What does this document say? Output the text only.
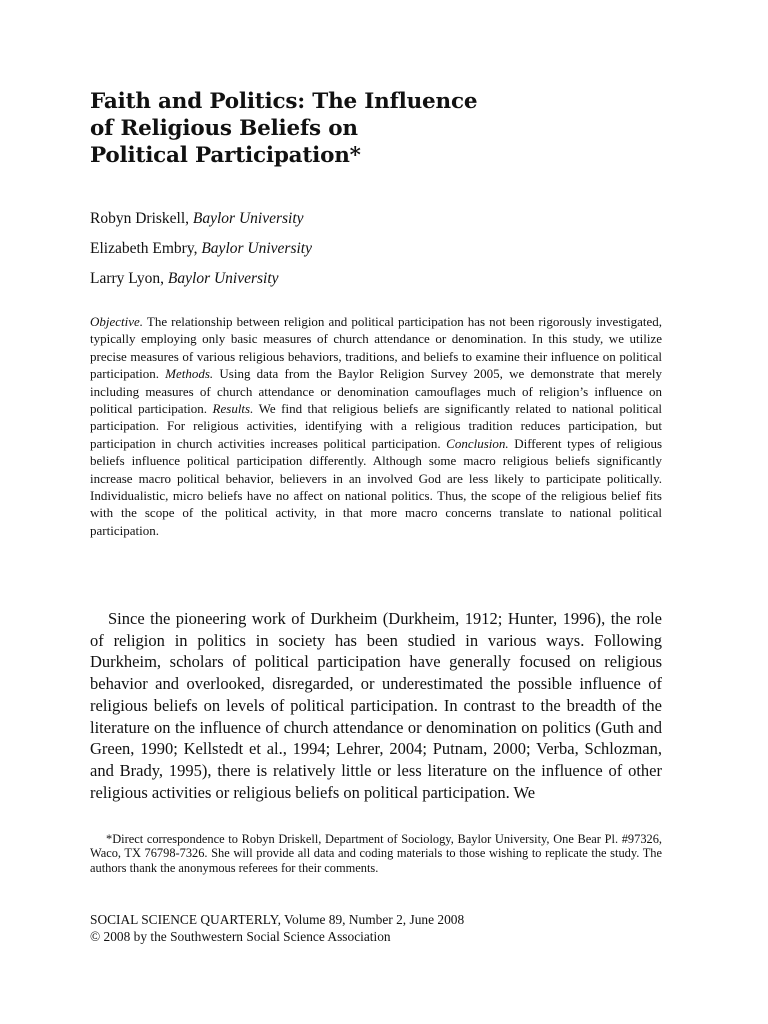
Faith and Politics: The Influence
of Religious Beliefs on
Political Participation*
Robyn Driskell, Baylor University
Elizabeth Embry, Baylor University
Larry Lyon, Baylor University

Objective. The relationship between religion and political participation has not been rigorously investigated, typically employing only basic measures of church attendance or denomination. In this study, we utilize precise measures of various religious behaviors, traditions, and beliefs to examine their influence on political participation. Methods. Using data from the Baylor Religion Survey 2005, we demonstrate that merely including measures of church attendance or denomination camouflages much of religion’s influence on political participation. Results. We find that religious beliefs are significantly related to national political participation. For religious activities, identifying with a religious tradition reduces participation, but participation in church activities increases political participation. Conclusion. Different types of religious beliefs influence political participation differently. Although some macro religious beliefs significantly increase macro political behavior, believers in an involved God are less likely to participate politically. Individualistic, micro beliefs have no affect on national politics. Thus, the scope of the religious belief fits with the scope of the political activity, in that more macro concerns translate to national political participation.

Since the pioneering work of Durkheim (Durkheim, 1912; Hunter, 1996), the role of religion in politics in society has been studied in various ways. Following Durkheim, scholars of political participation have generally focused on religious behavior and overlooked, disregarded, or underestimated the possible influence of religious beliefs on levels of political participation. In contrast to the breadth of the literature on the influence of church attendance or denomination on politics (Guth and Green, 1990; Kellstedt et al., 1994; Lehrer, 2004; Putnam, 2000; Verba, Schlozman, and Brady, 1995), there is relatively little or less literature on the influence of other religious activities or religious beliefs on political participation. We

*Direct correspondence to Robyn Driskell, Department of Sociology, Baylor University, One Bear Pl. #97326, Waco, TX 76798-7326. She will provide all data and coding materials to those wishing to replicate the study. The authors thank the anonymous referees for their comments.

SOCIAL SCIENCE QUARTERLY, Volume 89, Number 2, June 2008
© 2008 by the Southwestern Social Science Association
